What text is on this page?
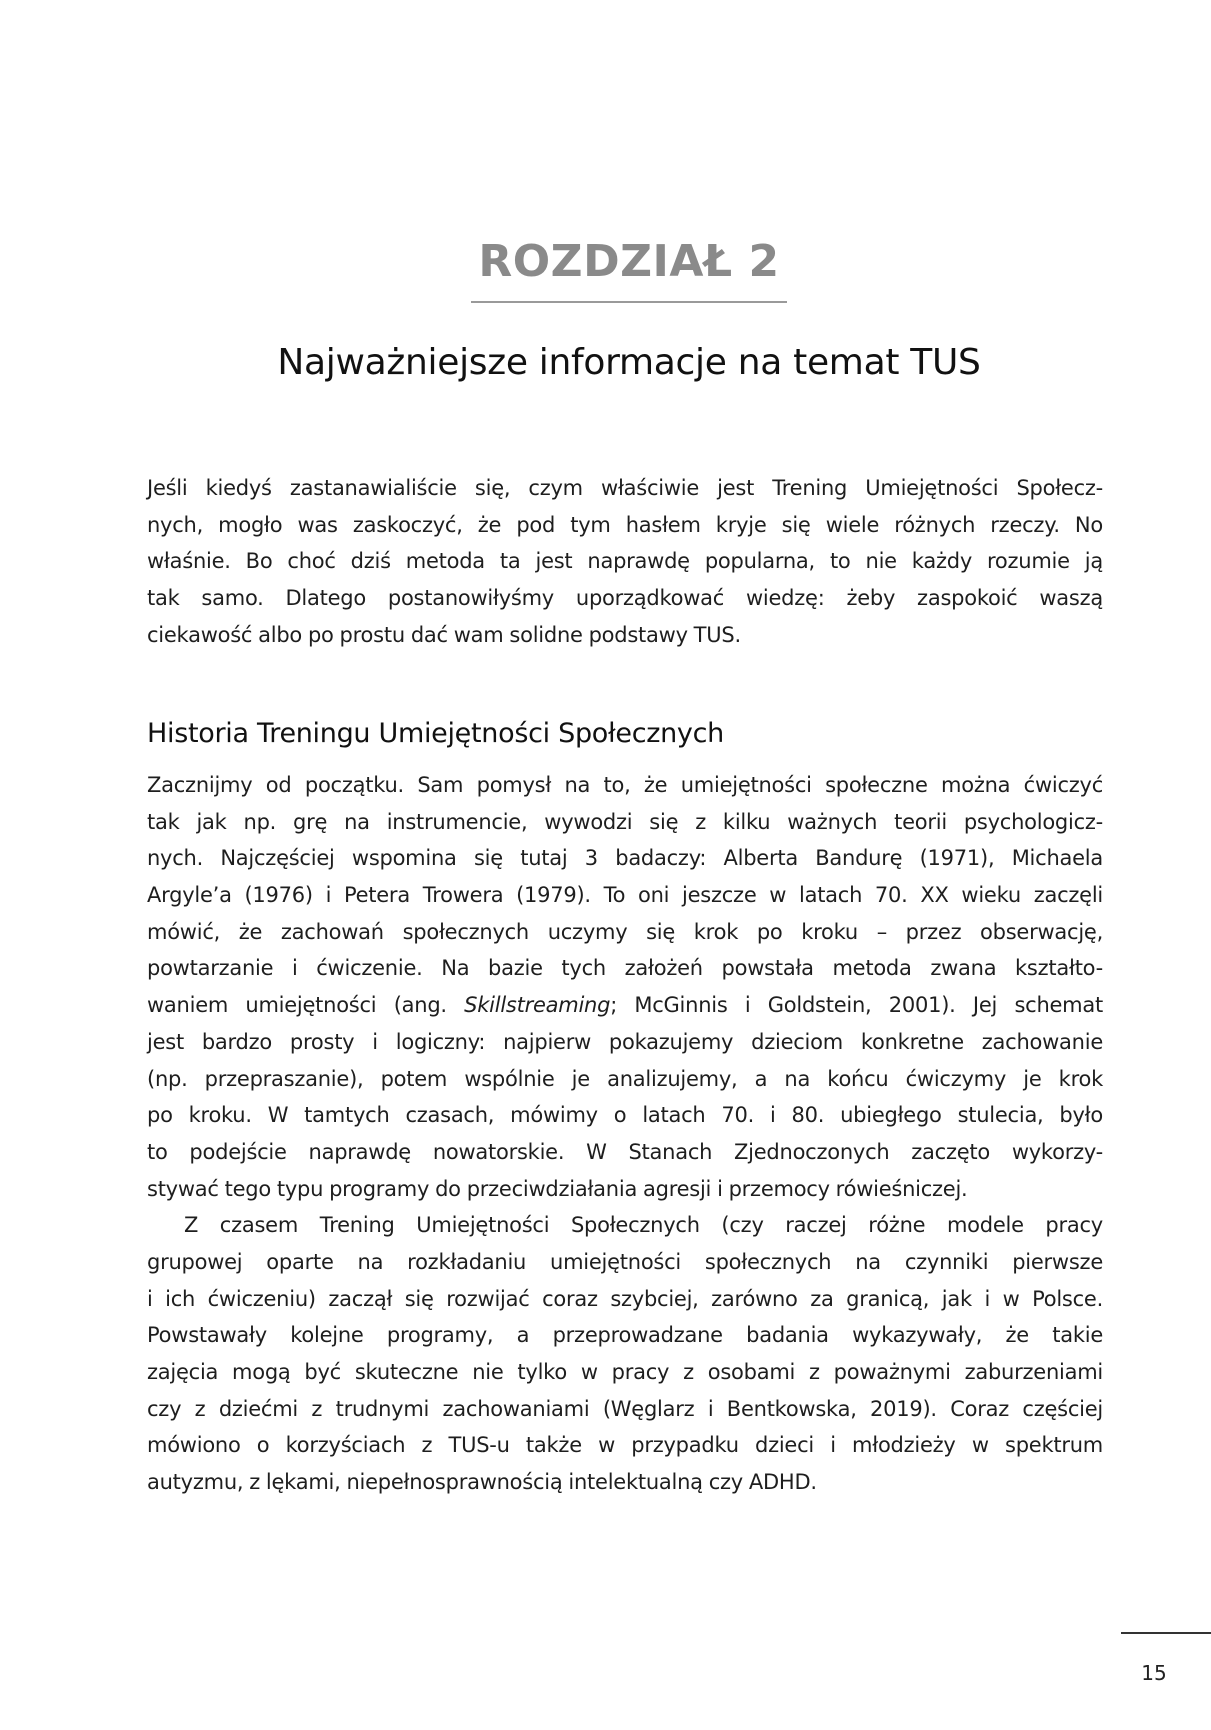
ROZDZIAŁ 2
Najważniejsze informacje na temat TUS
Jeśli kiedyś zastanawialiście się, czym właściwie jest Trening Umiejętności Społecz-
nych, mogło was zaskoczyć, że pod tym hasłem kryje się wiele różnych rzeczy. No
właśnie. Bo choć dziś metoda ta jest naprawdę popularna, to nie każdy rozumie ją
tak samo. Dlatego postanowiłyśmy uporządkować wiedzę: żeby zaspokoić waszą
ciekawość albo po prostu dać wam solidne podstawy TUS.
Historia Treningu Umiejętności Społecznych
Zacznijmy od początku. Sam pomysł na to, że umiejętności społeczne można ćwiczyć
tak jak np. grę na instrumencie, wywodzi się z kilku ważnych teorii psychologicz-
nych. Najczęściej wspomina się tutaj 3 badaczy: Alberta Bandurę (1971), Michaela
Argyle’a (1976) i Petera Trowera (1979). To oni jeszcze w latach 70. XX wieku zaczęli
mówić, że zachowań społecznych uczymy się krok po kroku – przez obserwację,
powtarzanie i ćwiczenie. Na bazie tych założeń powstała metoda zwana kształto-
waniem umiejętności (ang. Skillstreaming; McGinnis i Goldstein, 2001). Jej schemat
jest bardzo prosty i logiczny: najpierw pokazujemy dzieciom konkretne zachowanie
(np. przepraszanie), potem wspólnie je analizujemy, a na końcu ćwiczymy je krok
po kroku. W tamtych czasach, mówimy o latach 70. i 80. ubiegłego stulecia, było
to podejście naprawdę nowatorskie. W Stanach Zjednoczonych zaczęto wykorzy-
stywać tego typu programy do przeciwdziałania agresji i przemocy rówieśniczej.
Z czasem Trening Umiejętności Społecznych (czy raczej różne modele pracy
grupowej oparte na rozkładaniu umiejętności społecznych na czynniki pierwsze
i ich ćwiczeniu) zaczął się rozwijać coraz szybciej, zarówno za granicą, jak i w Polsce.
Powstawały kolejne programy, a przeprowadzane badania wykazywały, że takie
zajęcia mogą być skuteczne nie tylko w pracy z osobami z poważnymi zaburzeniami
czy z dziećmi z trudnymi zachowaniami (Węglarz i Bentkowska, 2019). Coraz częściej
mówiono o korzyściach z TUS-u także w przypadku dzieci i młodzieży w spektrum
autyzmu, z lękami, niepełnosprawnością intelektualną czy ADHD.
15
